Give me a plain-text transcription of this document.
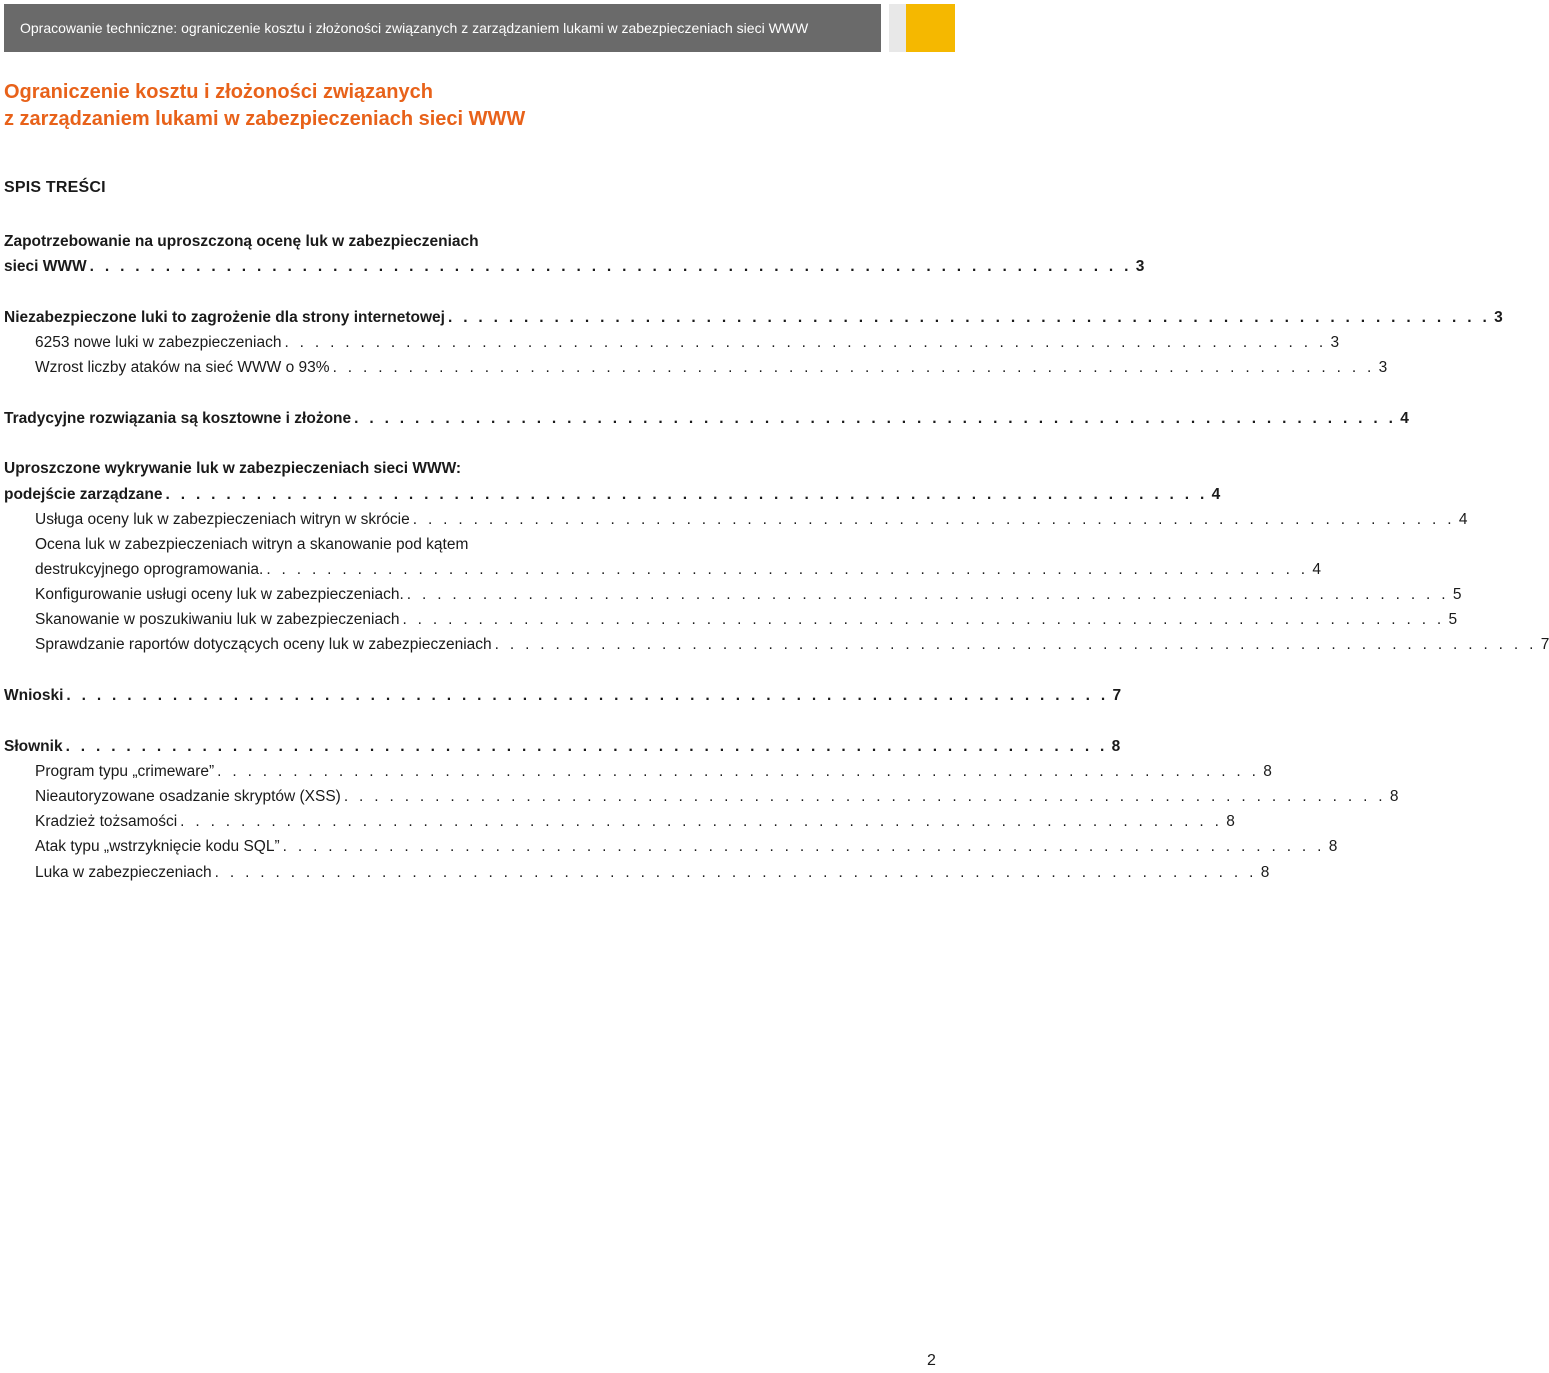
Opracowanie techniczne: ograniczenie kosztu i złożoności związanych z zarządzaniem lukami w zabezpieczeniach sieci WWW
Ograniczenie kosztu i złożoności związanych
z zarządzaniem lukami w zabezpieczeniach sieci WWW
SPIS TREŚCI
Zapotrzebowanie na uproszczoną ocenę luk w zabezpieczeniach
sieci WWW . . . . . . . . . . . . . . . . . . . . . . . . . . . . . . . . . . . . . . . . . . . . . . . . . . . . . . . . . . . . . . . . . . . . . 3
Niezabezpieczone luki to zagrożenie dla strony internetowej . . . . . . . . . . . . . . . . . . . . . . . . . . . . . . . . . . . . . . . . . . . . . . . . . . . . . . . . . . . . . . . . . . . . . 3
6253 nowe luki w zabezpieczeniach . . . . . . . . . . . . . . . . . . . . . . . . . . . . . . . . . . . . . . . . . . . . . . . . . . . . . . . . . . . . . . . . . . . . . 3
Wzrost liczby ataków na sieć WWW o 93% . . . . . . . . . . . . . . . . . . . . . . . . . . . . . . . . . . . . . . . . . . . . . . . . . . . . . . . . . . . . . . . . . . . . . 3
Tradycyjne rozwiązania są kosztowne i złożone . . . . . . . . . . . . . . . . . . . . . . . . . . . . . . . . . . . . . . . . . . . . . . . . . . . . . . . . . . . . . . . . . . . . . 4
Uproszczone wykrywanie luk w zabezpieczeniach sieci WWW:
podejście zarządzane . . . . . . . . . . . . . . . . . . . . . . . . . . . . . . . . . . . . . . . . . . . . . . . . . . . . . . . . . . . . . . . . . . . . . 4
Usługa oceny luk w zabezpieczeniach witryn w skrócie . . . . . . . . . . . . . . . . . . . . . . . . . . . . . . . . . . . . . . . . . . . . . . . . . . . . . . . . . . . . . . . . . . . . . 4
Ocena luk w zabezpieczeniach witryn a skanowanie pod kątem
destrukcyjnego oprogramowania. . . . . . . . . . . . . . . . . . . . . . . . . . . . . . . . . . . . . . . . . . . . . . . . . . . . . . . . . . . . . . . . . . . . . . 4
Konfigurowanie usługi oceny luk w zabezpieczeniach. . . . . . . . . . . . . . . . . . . . . . . . . . . . . . . . . . . . . . . . . . . . . . . . . . . . . . . . . . . . . . . . . . . . . . 5
Skanowanie w poszukiwaniu luk w zabezpieczeniach . . . . . . . . . . . . . . . . . . . . . . . . . . . . . . . . . . . . . . . . . . . . . . . . . . . . . . . . . . . . . . . . . . . . . 5
Sprawdzanie raportów dotyczących oceny luk w zabezpieczeniach . . . . . . . . . . . . . . . . . . . . . . . . . . . . . . . . . . . . . . . . . . . . . . . . . . . . . . . . . . . . . . . . . . . . . 7
Wnioski . . . . . . . . . . . . . . . . . . . . . . . . . . . . . . . . . . . . . . . . . . . . . . . . . . . . . . . . . . . . . . . . . . . . . 7
Słownik . . . . . . . . . . . . . . . . . . . . . . . . . . . . . . . . . . . . . . . . . . . . . . . . . . . . . . . . . . . . . . . . . . . . . 8
Program typu „crimeware” . . . . . . . . . . . . . . . . . . . . . . . . . . . . . . . . . . . . . . . . . . . . . . . . . . . . . . . . . . . . . . . . . . . . . 8
Nieautoryzowane osadzanie skryptów (XSS) . . . . . . . . . . . . . . . . . . . . . . . . . . . . . . . . . . . . . . . . . . . . . . . . . . . . . . . . . . . . . . . . . . . . . 8
Kradzież tożsamości . . . . . . . . . . . . . . . . . . . . . . . . . . . . . . . . . . . . . . . . . . . . . . . . . . . . . . . . . . . . . . . . . . . . . 8
Atak typu „wstrzyknięcie kodu SQL” . . . . . . . . . . . . . . . . . . . . . . . . . . . . . . . . . . . . . . . . . . . . . . . . . . . . . . . . . . . . . . . . . . . . . 8
Luka w zabezpieczeniach . . . . . . . . . . . . . . . . . . . . . . . . . . . . . . . . . . . . . . . . . . . . . . . . . . . . . . . . . . . . . . . . . . . . . 8
2
